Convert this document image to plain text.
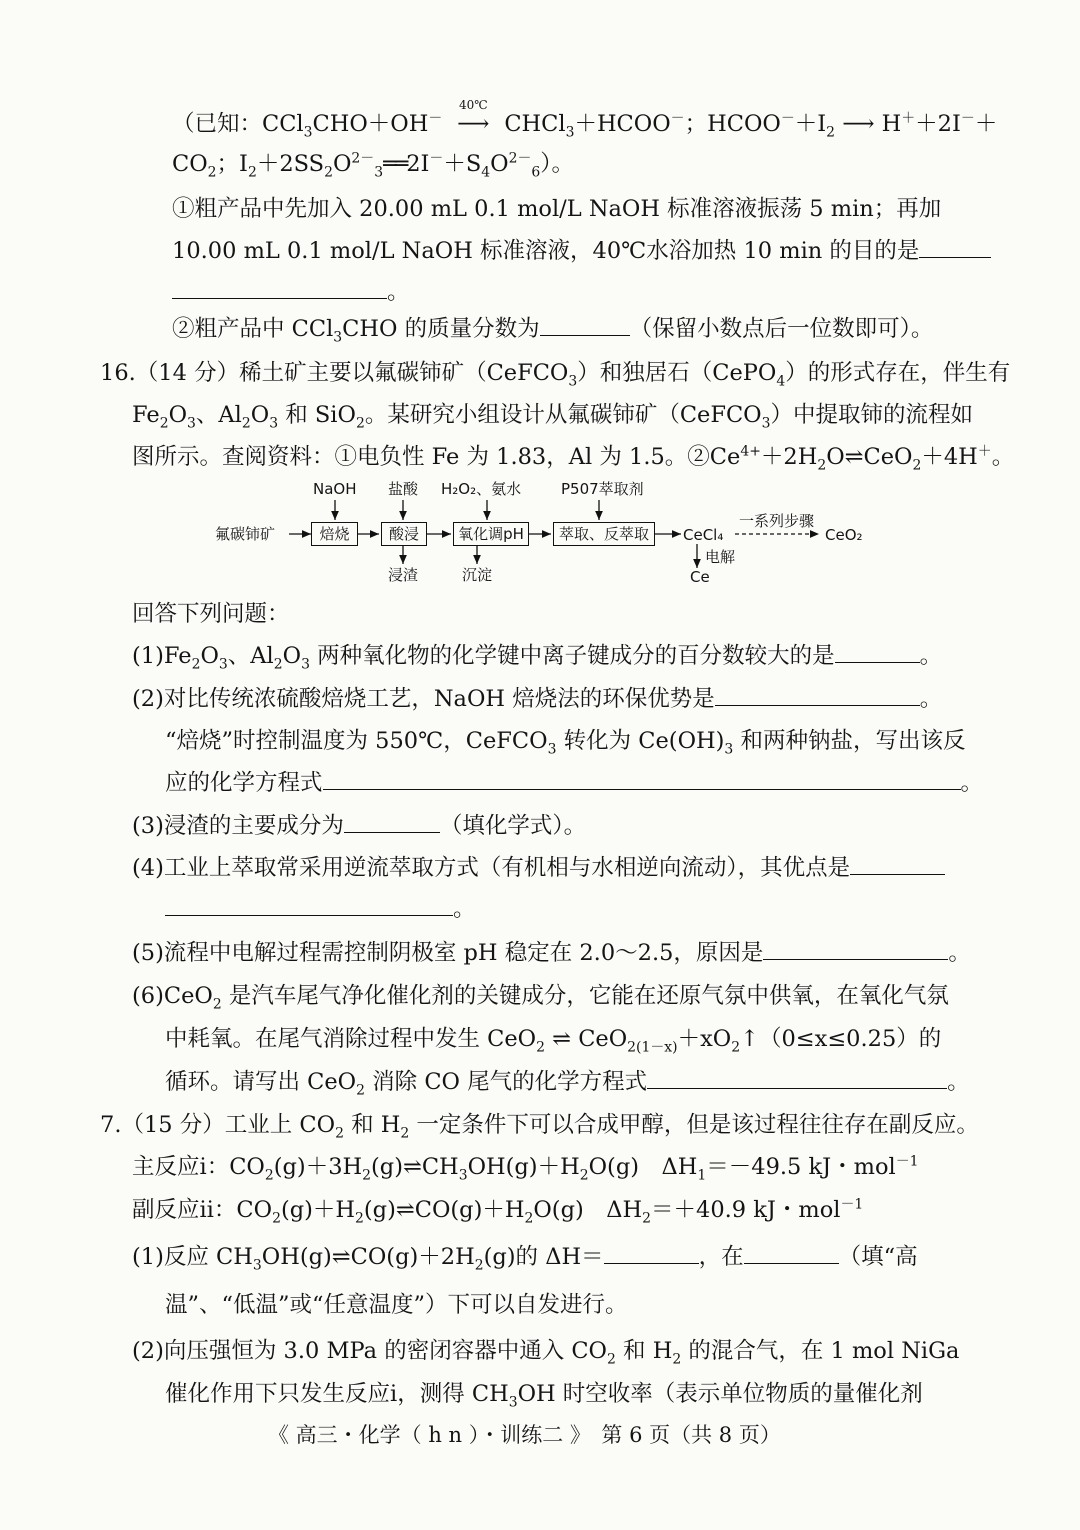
（已知：CCl$_3$CHO＋OH－
40℃
⟶ CHCl$_3$＋HCOO－；$HCOO^-+I_2$ ⟶ H＋＋2I－＋
$CO_2$；$I_2+2SS_2O^{2-}_3══2I^-+S_4O^{2-}_6$）。
①粗产品中先加入 20.00 mL 0.1 mol/L NaOH 标准溶液振荡 5 min；再加
10.00 mL 0.1 mol/L NaOH 标准溶液，40℃水浴加热 10 min 的目的是
。
②粗产品中 CCl$_3$CHO 的质量分数为	（保留小数点后一位数即可）。
16.（14 分）稀土矿主要以氟碳铈矿（CeFCO$_3$）和独居石（CePO$_4$）的形式存在，伴生有
$Fe_2O_3$、$Al_2O_3$ 和 SiO$_2$。某研究小组设计从氟碳铈矿（CeFCO$_3$）中提取铈的流程如
图所示。查阅资料：①电负性 Fe 为 1.83，Al 为 1.5。$②Ce^{4+}+2H_2O\rightleftharpoons CeO_2+4H^+$。
氟碳铈矿	焙烧	酸浸	氧化调pH	萃取、反萃取
NaOH 盐酸 H₂O₂、氨水	P507萃取剂
浸渣	沉淀
CeCl₄
一系列步骤
CeO₂
电解
Ce
回答下列问题：
$(1)Fe_2O_3$、$Al_2O_3$ 两种氧化物的化学键中离子键成分的百分数较大的是	。
(2)对比传统浓硫酸焙烧工艺，NaOH 焙烧法的环保优势是	。
“焙烧”时控制温度为 550℃，CeFCO$_3$ 转化为 $Ce(OH)_3$ 和两种钠盐，写出该反
应的化学方程式	。
(3)浸渣的主要成分为	（填化学式）。
(4)工业上萃取常采用逆流萃取方式（有机相与水相逆向流动），其优点是
。
(5)流程中电解过程需控制阴极室 pH 稳定在 2.0～2.5，原因是	。
(6)CeO$_2$ 是汽车尾气净化催化剂的关键成分，它能在还原气氛中供氧，在氧化气氛
中耗氧。在尾气消除过程中发生 CeO$_2$ ⇌ $CeO_{2(1-x)}+xO_2↑(0\le x\le 0.25)$的
循环。请写出 CeO$_2$ 消除 CO 尾气的化学方程式	。
7.（15 分）工业上 $CO_2$ 和 $H_2$ 一定条件下可以合成甲醇，但是该过程往往存在副反应。
主反应ⅰ：$CO_2(g)+3H_2(g)\rightleftharpoons CH_3OH(g)+H_2O(g)$　$\Delta H_1=-49.5$ kJ・mol$^{-1}$
副反应ⅱ：$CO_2(g)+H_2(g)\rightleftharpoons CO(g)+H_2O(g)$　$\Delta H_2=+40.9$ kJ・mol$^{-1}$
(1)反应 $CH_3OH(g)\rightleftharpoons CO(g)+2H_2(g)$的 ΔH＝	，在	（填“高
温”、“低温”或“任意温度”）下可以自发进行。
(2)向压强恒为 3.0 MPa 的密闭容器中通入 $CO_2$ 和 $H_2$ 的混合气，在 1 mol NiGa
催化作用下只发生反应ⅰ，测得 $CH_3OH$ 时空收率（表示单位物质的量催化剂
《 高三・化学（ h n ）・训练二 》　第 6 页（共 8 页）
